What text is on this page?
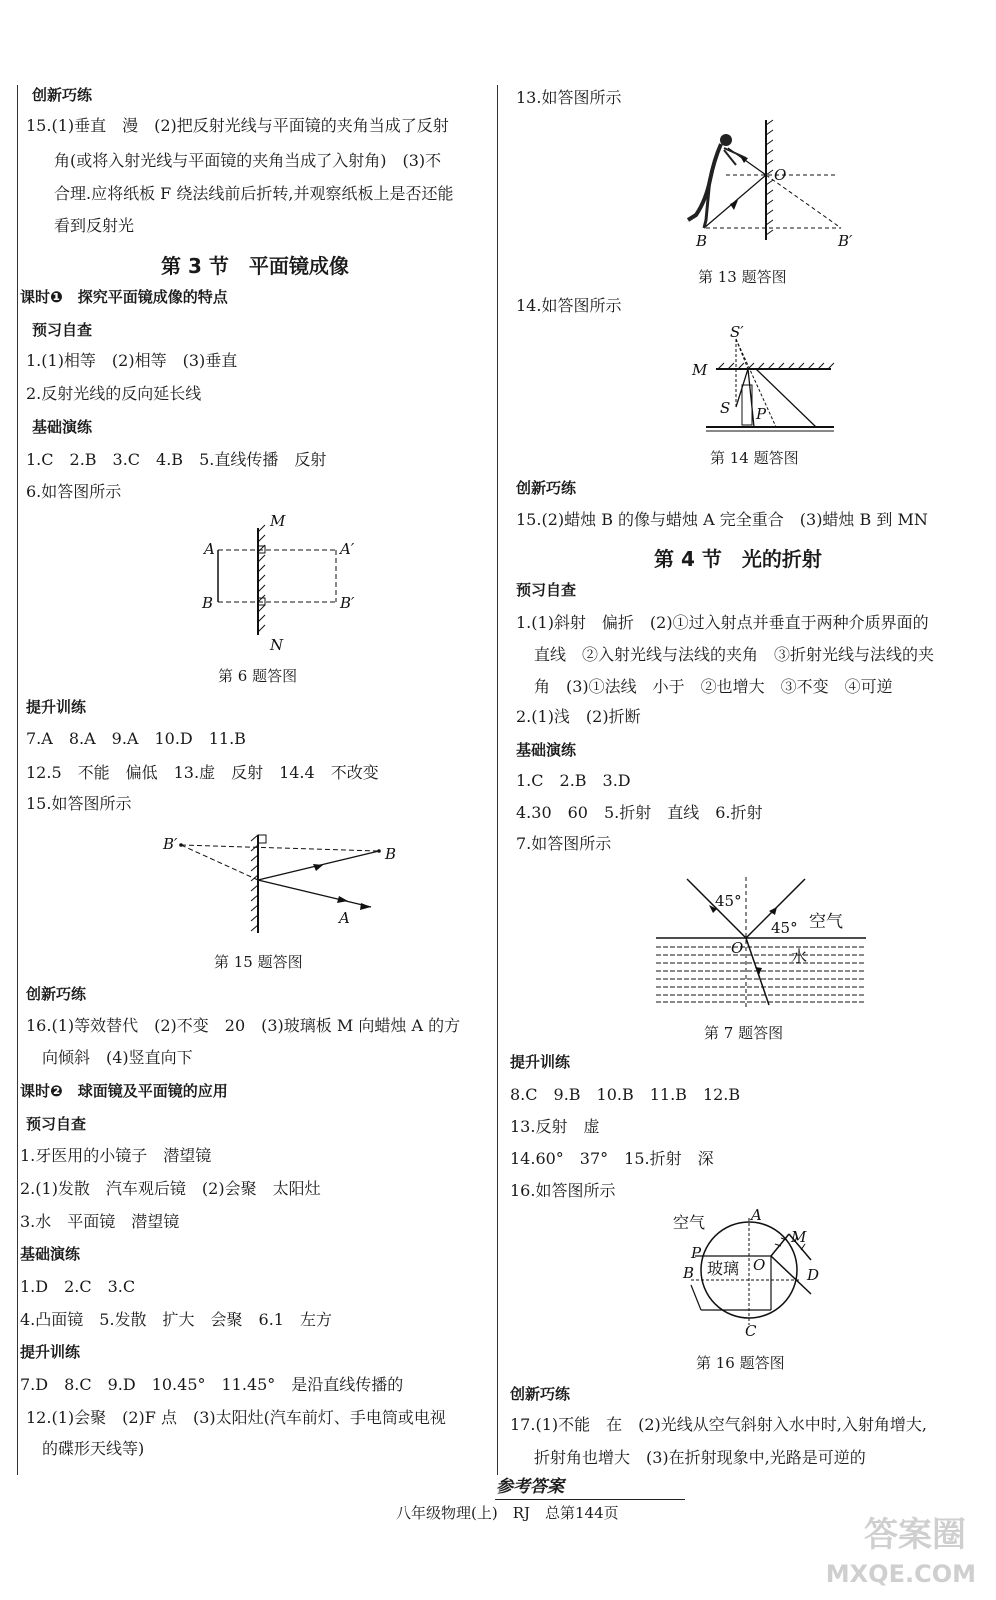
创新巧练
15.(1)垂直　漫　(2)把反射光线与平面镜的夹角当成了反射
角(或将入射光线与平面镜的夹角当成了入射角)　(3)不
合理.应将纸板 F 绕法线前后折转,并观察纸板上是否还能
看到反射光
第 3 节　平面镜成像
课时❶　探究平面镜成像的特点
预习自查
1.(1)相等　(2)相等　(3)垂直
2.反射光线的反向延长线
基础演练
1.C　2.B　3.C　4.B　5.直线传播　反射
6.如答图所示
M
N
A	A′
B	B′
第 6 题答图
提升训练
7.A　8.A　9.A　10.D　11.B
12.5　不能　偏低　13.虚　反射　14.4　不改变
15.如答图所示
B′
B
A
第 15 题答图
创新巧练
16.(1)等效替代　(2)不变　20　(3)玻璃板 M 向蜡烛 A 的方
向倾斜　(4)竖直向下
课时❷　球面镜及平面镜的应用
预习自查
1.牙医用的小镜子　潜望镜
2.(1)发散　汽车观后镜　(2)会聚　太阳灶
3.水　平面镜　潜望镜
基础演练
1.D　2.C　3.C
4.凸面镜　5.发散　扩大　会聚　6.1　左方
提升训练
7.D　8.C　9.D　10.45°　11.45°　是沿直线传播的
12.(1)会聚　(2)F 点　(3)太阳灶(汽车前灯、手电筒或电视
的碟形天线等)
13.如答图所示
O
B	B′
第 13 题答图
14.如答图所示
S′
M
S P
第 14 题答图
创新巧练
15.(2)蜡烛 B 的像与蜡烛 A 完全重合　(3)蜡烛 B 到 MN
第 4 节　光的折射
预习自查
1.(1)斜射　偏折　(2)①过入射点并垂直于两种介质界面的
直线　②入射光线与法线的夹角　③折射光线与法线的夹
角　(3)①法线　小于　②也增大　③不变　④可逆
2.(1)浅　(2)折断
基础演练
1.C　2.B　3.D
4.30　60　5.折射　直线　6.折射
7.如答图所示
45°
45° 空气
水
O
第 7 题答图
提升训练
8.C　9.B　10.B　11.B　12.B
13.反射　虚
14.60°　37°　15.折射　深
16.如答图所示
空气	A
M
P
B 玻璃 O
D
C
第 16 题答图
创新巧练
17.(1)不能　在　(2)光线从空气斜射入水中时,入射角增大,
折射角也增大　(3)在折射现象中,光路是可逆的
参考答案
八年级物理(上)　RJ　总第144页
答案圈
MXQE.COM
